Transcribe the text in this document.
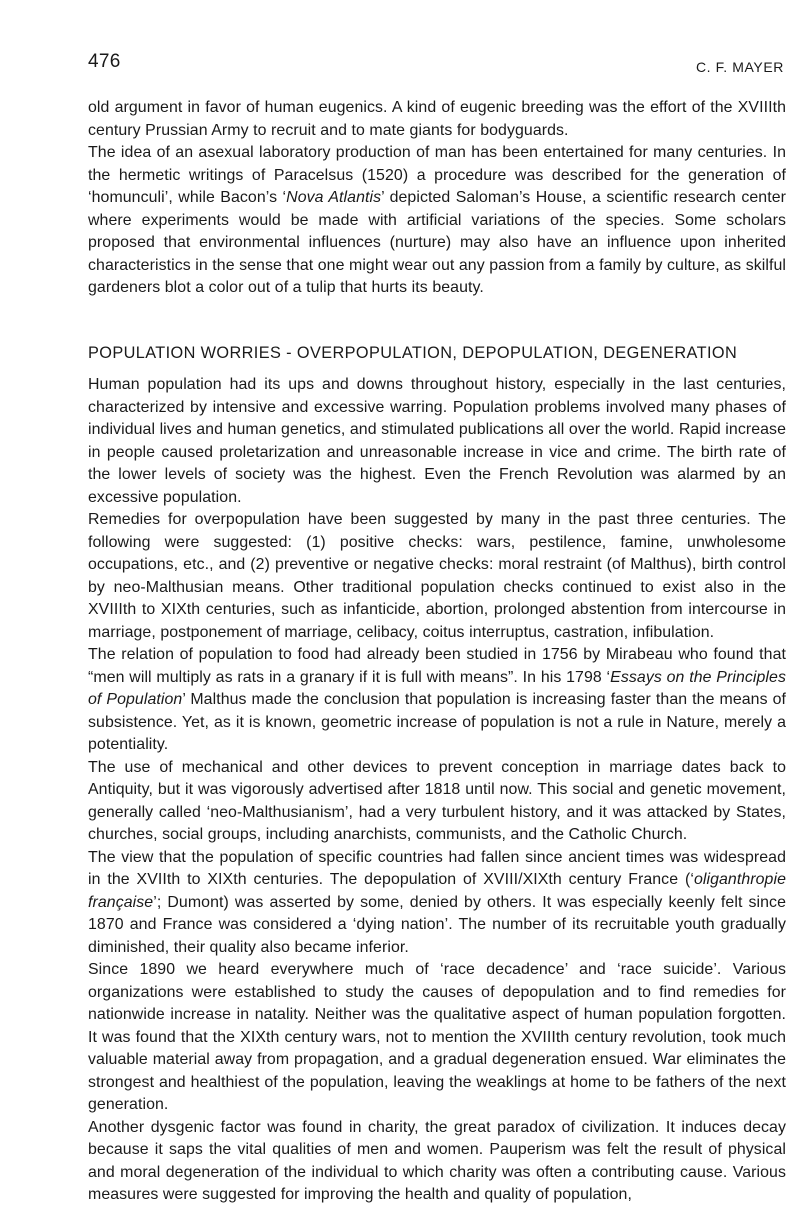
476	C. F. MAYER

old argument in favor of human eugenics. A kind of eugenic breeding was the effort of the XVIIIth century Prussian Army to recruit and to mate giants for bodyguards.

The idea of an asexual laboratory production of man has been entertained for many centuries. In the hermetic writings of Paracelsus (1520) a procedure was described for the generation of ‘homunculi’, while Bacon’s ‘Nova Atlantis’ depicted Saloman’s House, a scientific research center where experiments would be made with artificial variations of the species. Some scholars proposed that environmental influences (nurture) may also have an influence upon inherited characteristics in the sense that one might wear out any passion from a family by culture, as skilful gardeners blot a color out of a tulip that hurts its beauty.

POPULATION WORRIES - OVERPOPULATION, DEPOPULATION, DEGENERATION

Human population had its ups and downs throughout history, especially in the last centuries, characterized by intensive and excessive warring. Population problems involved many phases of individual lives and human genetics, and stimulated publications all over the world. Rapid increase in people caused proletarization and unreasonable increase in vice and crime. The birth rate of the lower levels of society was the highest. Even the French Revolution was alarmed by an excessive population.

Remedies for overpopulation have been suggested by many in the past three centuries. The following were suggested: (1) positive checks: wars, pestilence, famine, unwholesome occupations, etc., and (2) preventive or negative checks: moral restraint (of Malthus), birth control by neo-Malthusian means. Other traditional population checks continued to exist also in the XVIIIth to XIXth centuries, such as infanticide, abortion, prolonged abstention from intercourse in marriage, postponement of marriage, celibacy, coitus interruptus, castration, infibulation.

The relation of population to food had already been studied in 1756 by Mirabeau who found that “men will multiply as rats in a granary if it is full with means”. In his 1798 ‘Essays on the Principles of Population’ Malthus made the conclusion that population is increasing faster than the means of subsistence. Yet, as it is known, geometric increase of population is not a rule in Nature, merely a potentiality.

The use of mechanical and other devices to prevent conception in marriage dates back to Antiquity, but it was vigorously advertised after 1818 until now. This social and genetic movement, generally called ‘neo-Malthusianism’, had a very turbulent history, and it was attacked by States, churches, social groups, including anarchists, communists, and the Catholic Church.

The view that the population of specific countries had fallen since ancient times was widespread in the XVIIth to XIXth centuries. The depopulation of XVIII/XIXth century France (‘oliganthropie française’; Dumont) was asserted by some, denied by others. It was especially keenly felt since 1870 and France was considered a ‘dying nation’. The number of its recruitable youth gradually diminished, their quality also became inferior.

Since 1890 we heard everywhere much of ‘race decadence’ and ‘race suicide’. Various organizations were established to study the causes of depopulation and to find remedies for nationwide increase in natality. Neither was the qualitative aspect of human population forgotten. It was found that the XIXth century wars, not to mention the XVIIIth century revolution, took much valuable material away from propagation, and a gradual degeneration ensued. War eliminates the strongest and healthiest of the population, leaving the weaklings at home to be fathers of the next generation.

Another dysgenic factor was found in charity, the great paradox of civilization. It induces decay because it saps the vital qualities of men and women. Pauperism was felt the result of physical and moral degeneration of the individual to which charity was often a contributing cause. Various measures were suggested for improving the health and quality of population,
